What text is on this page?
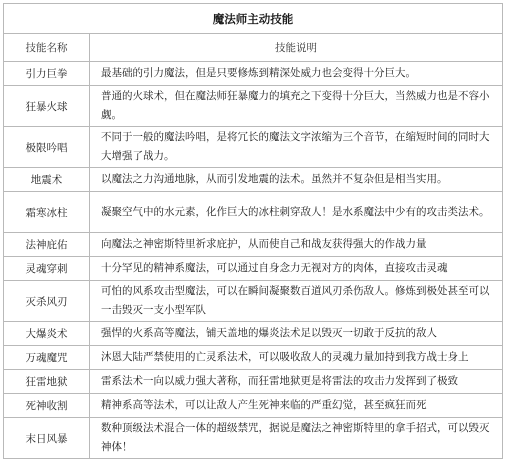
魔法师主动技能	
技能名称	技能说明
引力巨拳	最基础的引力魔法，但是只要修炼到精深处威力也会变得十分巨大。

狂暴火球	普通的火球术，但在魔法师狂暴魔力的填充之下变得十分巨大，当然威力也是不容小觑。

极限吟唱	不同于一般的魔法吟唱，是将冗长的魔法文字浓缩为三个音节，在缩短时间的同时大大增强了战力。

地震术	以魔法之力沟通地脉，从而引发地震的法术。虽然并不复杂但是相当实用。

霜寒冰柱	凝聚空气中的水元素，化作巨大的冰柱刺穿敌人！是水系魔法中少有的攻击类法术。

法神庇佑	向魔法之神密斯特里祈求庇护，从而使自己和战友获得强大的作战力量

灵魂穿刺	十分罕见的精神系魔法，可以通过自身念力无视对方的肉体，直接攻击灵魂

灭杀风刃	可怕的风系攻击型魔法，可以在瞬间凝聚数百道风刃杀伤敌人。修炼到极处甚至可以一击毁灭一支小型军队

大爆炎术	强悍的火系高等魔法，铺天盖地的爆炎法术足以毁灭一切敢于反抗的敌人

万魂魔咒	沐恩大陆严禁使用的亡灵系法术，可以吸收敌人的灵魂力量加持到我方战士身上

狂雷地狱	雷系法术一向以威力强大著称，而狂雷地狱更是将雷法的攻击力发挥到了极致

死神收割	精神系高等法术，可以让敌人产生死神来临的严重幻觉，甚至疯狂而死

末日风暴	数种顶级法术混合一体的超级禁咒，据说是魔法之神密斯特里的拿手招式，可以毁灭神体！
